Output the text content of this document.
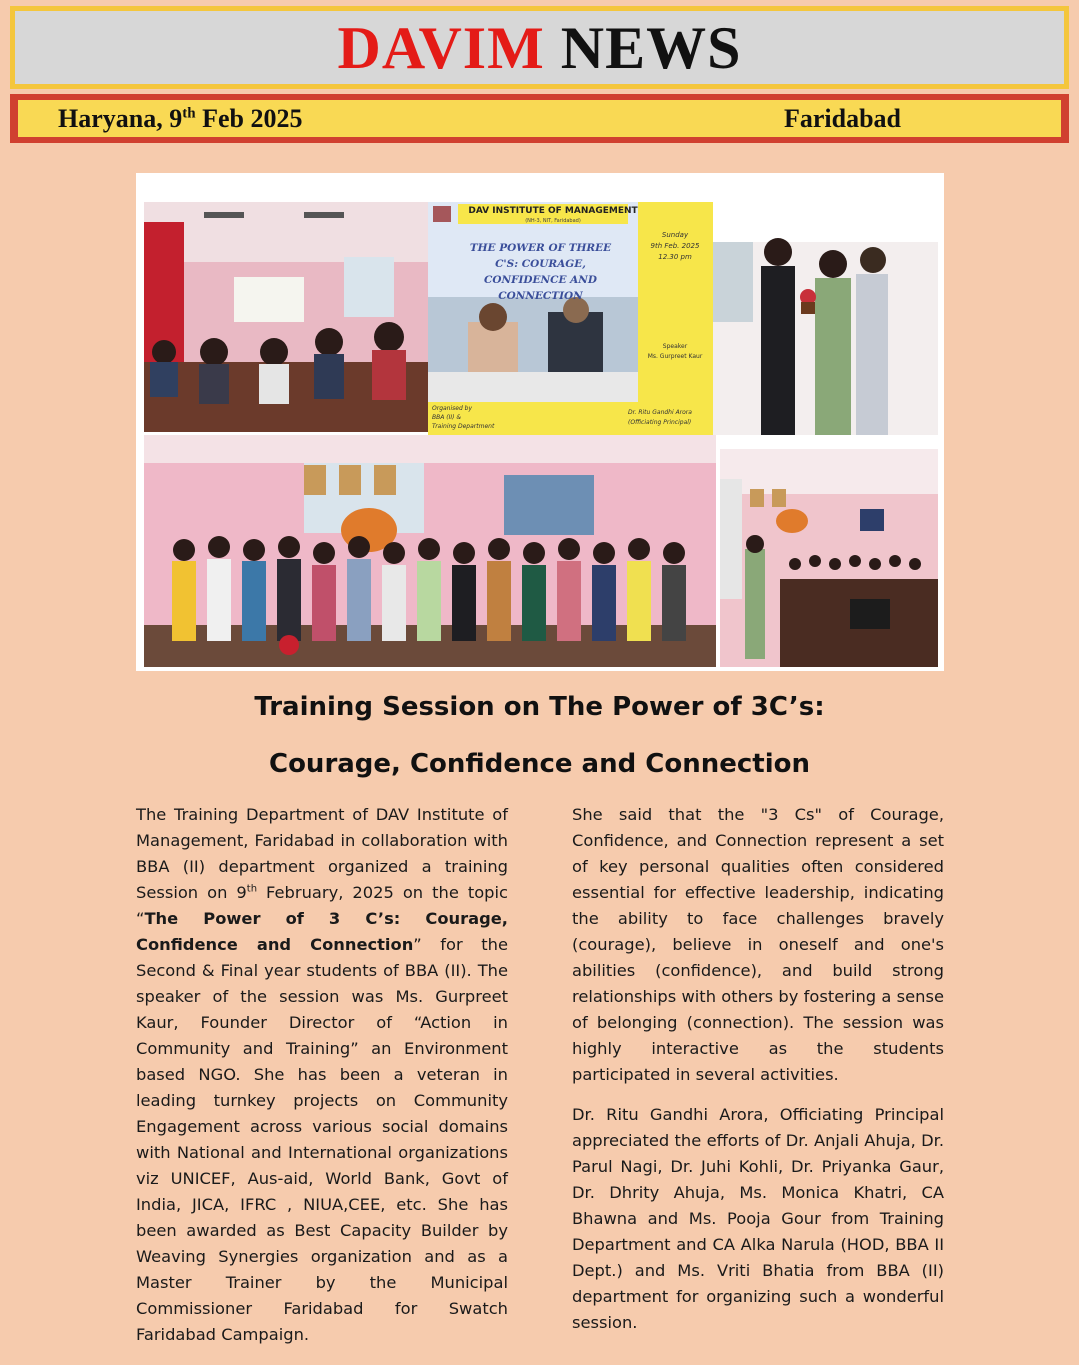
DAVIM NEWS
Haryana, 9th Feb 2025	Faridabad
DAV INSTITUTE OF MANAGEMENT
(NH-3, NIT, Faridabad)
THE POWER OF THREE
C'S: COURAGE,
CONFIDENCE AND
CONNECTION
Sunday
9th Feb. 2025
12.30 pm
Speaker
Ms. Gurpreet Kaur
Organised by
BBA (II) &
Training Department
Dr. Ritu Gandhi Arora
(Officiating Principal)
Training Session on The Power of 3C’s:
Courage, Confidence and Connection

The Training Department of DAV Institute of Management, Faridabad in collaboration with BBA (II) department organized a training Session on 9th February, 2025 on the topic “The Power of 3 C’s: Courage, Confidence and Connection” for the Second & Final year students of BBA (II). The speaker of the session was Ms. Gurpreet Kaur, Founder Director of “Action in Community and Training” an Environment based NGO. She has been a veteran in leading turnkey projects on Community Engagement across various social domains with National and International organizations viz UNICEF, Aus-aid, World Bank, Govt of India, JICA, IFRC , NIUA,CEE, etc. She has been awarded as Best Capacity Builder by Weaving Synergies organization and as a Master Trainer by the Municipal Commissioner Faridabad for Swatch Faridabad Campaign.

She said that the "3 Cs" of Courage, Confidence, and Connection represent a set of key personal qualities often considered essential for effective leadership, indicating the ability to face challenges bravely (courage), believe in oneself and one's abilities (confidence), and build strong relationships with others by fostering a sense of belonging (connection). The session was highly interactive as the students participated in several activities.

Dr. Ritu Gandhi Arora, Officiating Principal appreciated the efforts of Dr. Anjali Ahuja, Dr. Parul Nagi, Dr. Juhi Kohli, Dr. Priyanka Gaur, Dr. Dhrity Ahuja, Ms. Monica Khatri, CA Bhawna and Ms. Pooja Gour from Training Department and CA Alka Narula (HOD, BBA II Dept.) and Ms. Vriti Bhatia from BBA (II) department for organizing such a wonderful session.
